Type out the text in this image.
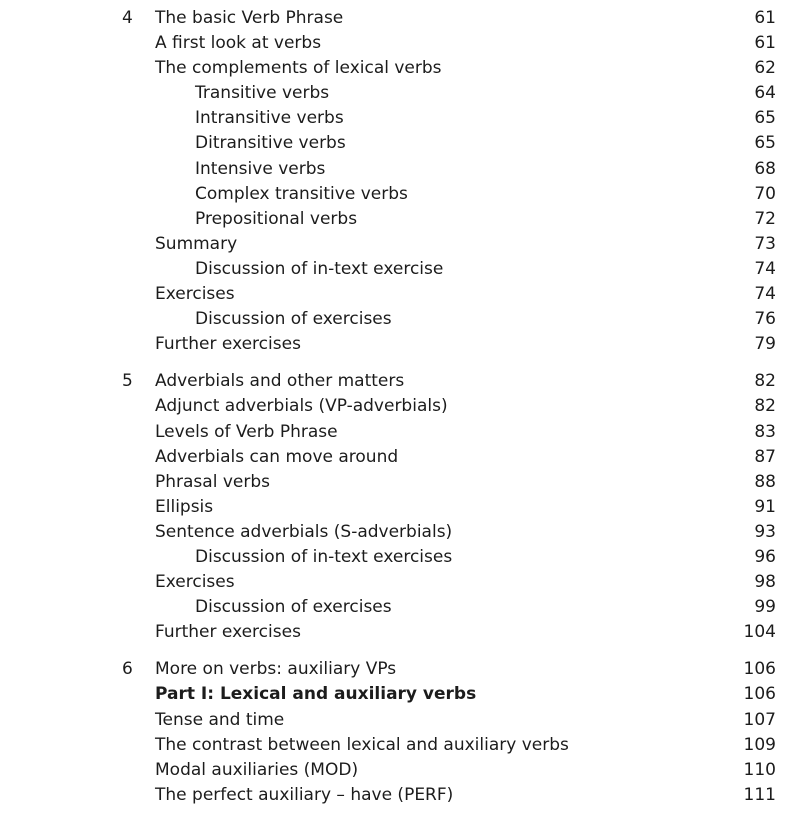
4 The basic Verb Phrase	61
A first look at verbs	61
The complements of lexical verbs	62
Transitive verbs	64
Intransitive verbs	65
Ditransitive verbs	65
Intensive verbs	68
Complex transitive verbs	70
Prepositional verbs	72
Summary	73
Discussion of in-text exercise	74
Exercises	74
Discussion of exercises	76
Further exercises	79
5 Adverbials and other matters	82
Adjunct adverbials (VP-adverbials)	82
Levels of Verb Phrase	83
Adverbials can move around	87
Phrasal verbs	88
Ellipsis	91
Sentence adverbials (S-adverbials)	93
Discussion of in-text exercises	96
Exercises	98
Discussion of exercises	99
Further exercises	104
6 More on verbs: auxiliary VPs	106
Part I: Lexical and auxiliary verbs	106
Tense and time	107
The contrast between lexical and auxiliary verbs	109
Modal auxiliaries (MOD)	110
The perfect auxiliary – have (PERF)	111
